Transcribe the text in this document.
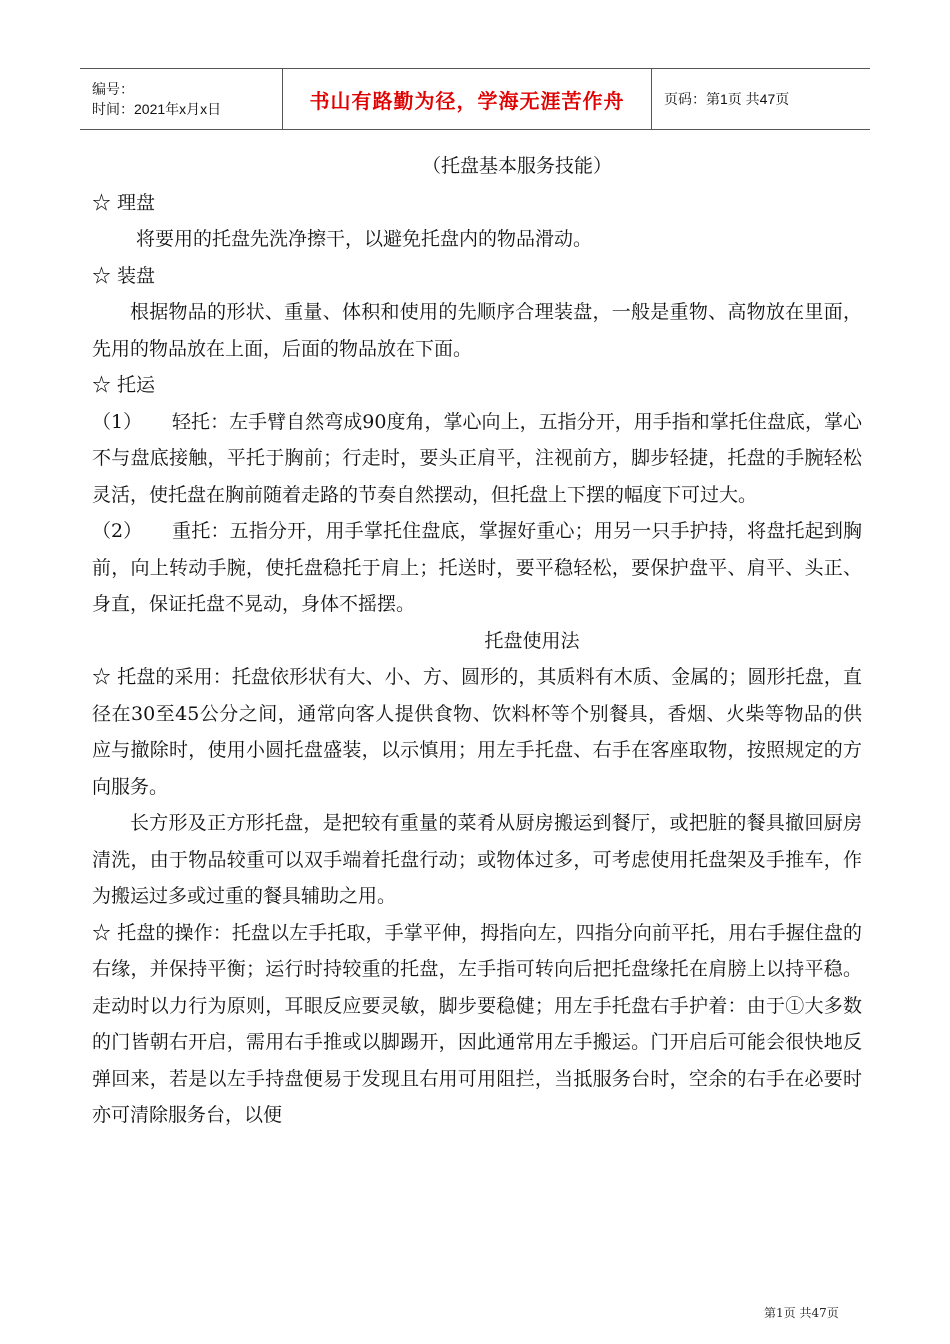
编号：
时间：2021年x月x日	书山有路勤为径，学海无涯苦作舟	页码：第1页 共47页

（托盘基本服务技能）

☆ 理盘

将要用的托盘先洗净擦干，以避免托盘内的物品滑动。

☆ 装盘

根据物品的形状、重量、体积和使用的先顺序合理装盘，一般是重物、高物放在里面，先用的物品放在上面，后面的物品放在下面。

☆ 托运

（1） 轻托：左手臂自然弯成90度角，掌心向上，五指分开，用手指和掌托住盘底，掌心不与盘底接触，平托于胸前；行走时，要头正肩平，注视前方，脚步轻捷，托盘的手腕轻松灵活，使托盘在胸前随着走路的节奏自然摆动，但托盘上下摆的幅度下可过大。

（2） 重托：五指分开，用手掌托住盘底，掌握好重心；用另一只手护持，将盘托起到胸前，向上转动手腕，使托盘稳托于肩上；托送时，要平稳轻松，要保护盘平、肩平、头正、身直，保证托盘不晃动，身体不摇摆。

托盘使用法

☆ 托盘的采用：托盘依形状有大、小、方、圆形的，其质料有木质、金属的；圆形托盘，直径在30至45公分之间，通常向客人提供食物、饮料杯等个别餐具，香烟、火柴等物品的供应与撤除时，使用小圆托盘盛装，以示慎用；用左手托盘、右手在客座取物，按照规定的方向服务。

长方形及正方形托盘，是把较有重量的菜肴从厨房搬运到餐厅，或把脏的餐具撤回厨房清洗，由于物品较重可以双手端着托盘行动；或物体过多，可考虑使用托盘架及手推车，作为搬运过多或过重的餐具辅助之用。

☆ 托盘的操作：托盘以左手托取，手掌平伸，拇指向左，四指分向前平托，用右手握住盘的右缘，并保持平衡；运行时持较重的托盘，左手指可转向后把托盘缘托在肩膀上以持平稳。走动时以力行为原则，耳眼反应要灵敏，脚步要稳健；用左手托盘右手护着：由于①大多数的门皆朝右开启，需用右手推或以脚踢开，因此通常用左手搬运。门开启后可能会很快地反弹回来，若是以左手持盘便易于发现且右用可用阻拦，当抵服务台时，空余的右手在必要时亦可清除服务台，以便

第1页 共47页
